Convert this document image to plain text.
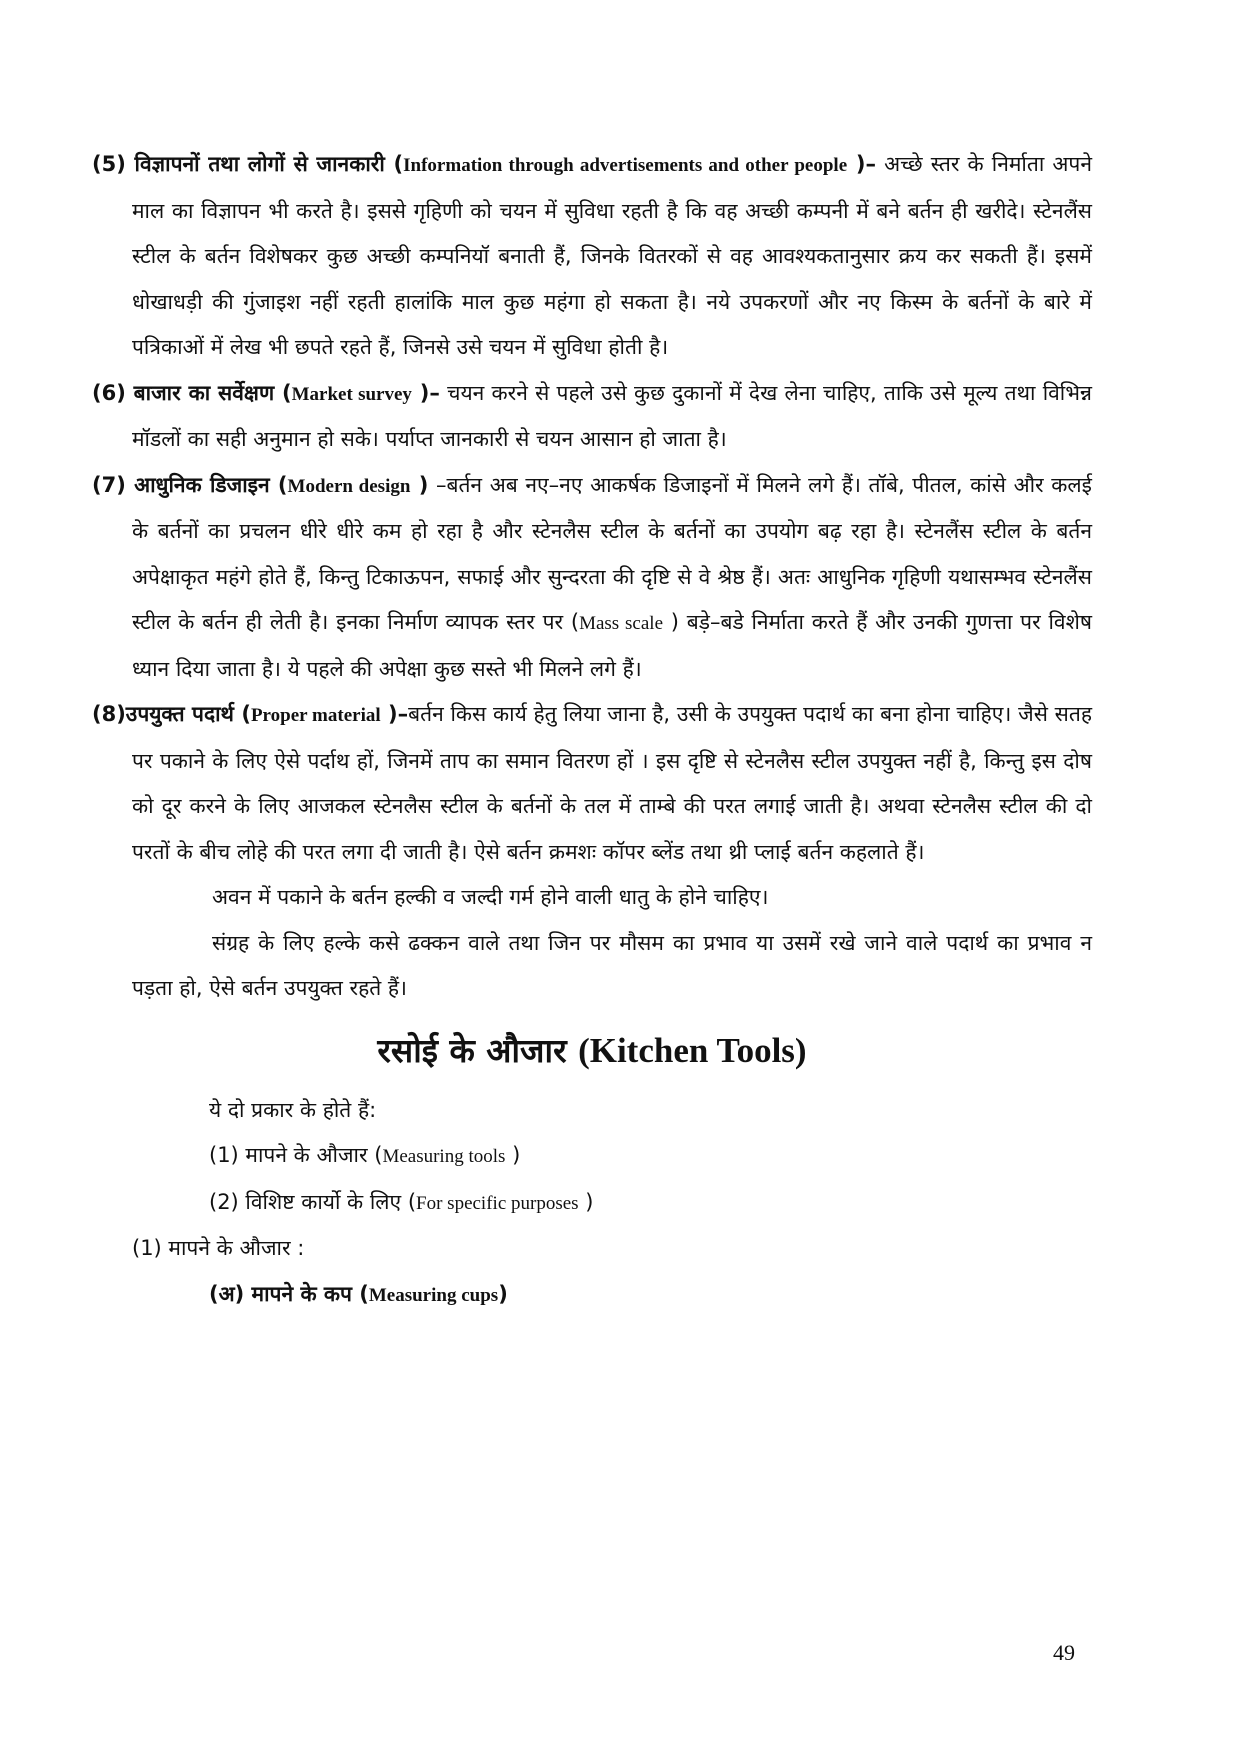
(5) विज्ञापनों तथा लोगों से जानकारी (Information through advertisements and other people )– अच्छे स्तर के निर्माता अपने माल का विज्ञापन भी करते है। इससे गृहिणी को चयन में सुविधा रहती है कि वह अच्छी कम्पनी में बने बर्तन ही खरीदे। स्टेनलैंस स्टील के बर्तन विशेषकर कुछ अच्छी कम्पनियॉ बनाती हैं, जिनके वितरकों से वह आवश्यकतानुसार क्रय कर सकती हैं। इसमें धोखाधड़ी की गुंजाइश नहीं रहती हालांकि माल कुछ महंगा हो सकता है। नये उपकरणों और नए किस्म के बर्तनों के बारे में पत्रिकाओं में लेख भी छपते रहते हैं, जिनसे उसे चयन में सुविधा होती है।

(6) बाजार का सर्वेक्षण (Market survey )– चयन करने से पहले उसे कुछ दुकानों में देख लेना चाहिए, ताकि उसे मूल्य तथा विभिन्न मॉडलों का सही अनुमान हो सके। पर्याप्त जानकारी से चयन आसान हो जाता है।

(7) आधुनिक डिजाइन (Modern design ) –बर्तन अब नए–नए आकर्षक डिजाइनों में मिलने लगे हैं। तॉबे, पीतल, कांसे और कलई के बर्तनों का प्रचलन धीरे धीरे कम हो रहा है और स्टेनलैस स्टील के बर्तनों का उपयोग बढ़ रहा है। स्टेनलैंस स्टील के बर्तन अपेक्षाकृत महंगे होते हैं, किन्तु टिकाऊपन, सफाई और सुन्दरता की दृष्टि से वे श्रेष्ठ हैं। अतः आधुनिक गृहिणी यथासम्भव स्टेनलैंस स्टील के बर्तन ही लेती है। इनका निर्माण व्यापक स्तर पर (Mass scale ) बड़े–बडे निर्माता करते हैं और उनकी गुणत्ता पर विशेष ध्यान दिया जाता है। ये पहले की अपेक्षा कुछ सस्ते भी मिलने लगे हैं।

(8)उपयुक्त पदार्थ (Proper material )–बर्तन किस कार्य हेतु लिया जाना है, उसी के उपयुक्त पदार्थ का बना होना चाहिए। जैसे सतह पर पकाने के लिए ऐसे पर्दाथ हों, जिनमें ताप का समान वितरण हों । इस दृष्टि से स्टेनलैस स्टील उपयुक्त नहीं है, किन्तु इस दोष को दूर करने के लिए आजकल स्टेनलैस स्टील के बर्तनों के तल में ताम्बे की परत लगाई जाती है। अथवा स्टेनलैस स्टील की दो परतों के बीच लोहे की परत लगा दी जाती है। ऐसे बर्तन क्रमशः कॉपर ब्लेंड तथा थ्री प्लाई बर्तन कहलाते हैं।

अवन में पकाने के बर्तन हल्की व जल्दी गर्म होने वाली धातु के होने चाहिए।

संग्रह के लिए हल्के कसे ढक्कन वाले तथा जिन पर मौसम का प्रभाव या उसमें रखे जाने वाले पदार्थ का प्रभाव न पड़ता हो, ऐसे बर्तन उपयुक्त रहते हैं।

रसोई के औजार (Kitchen Tools)

ये दो प्रकार के होते हैं:

(1) मापने के औजार (Measuring tools )

(2) विशिष्ट कार्यो के लिए (For specific purposes )

(1) मापने के औजार :

(अ) मापने के कप (Measuring cups)

49
